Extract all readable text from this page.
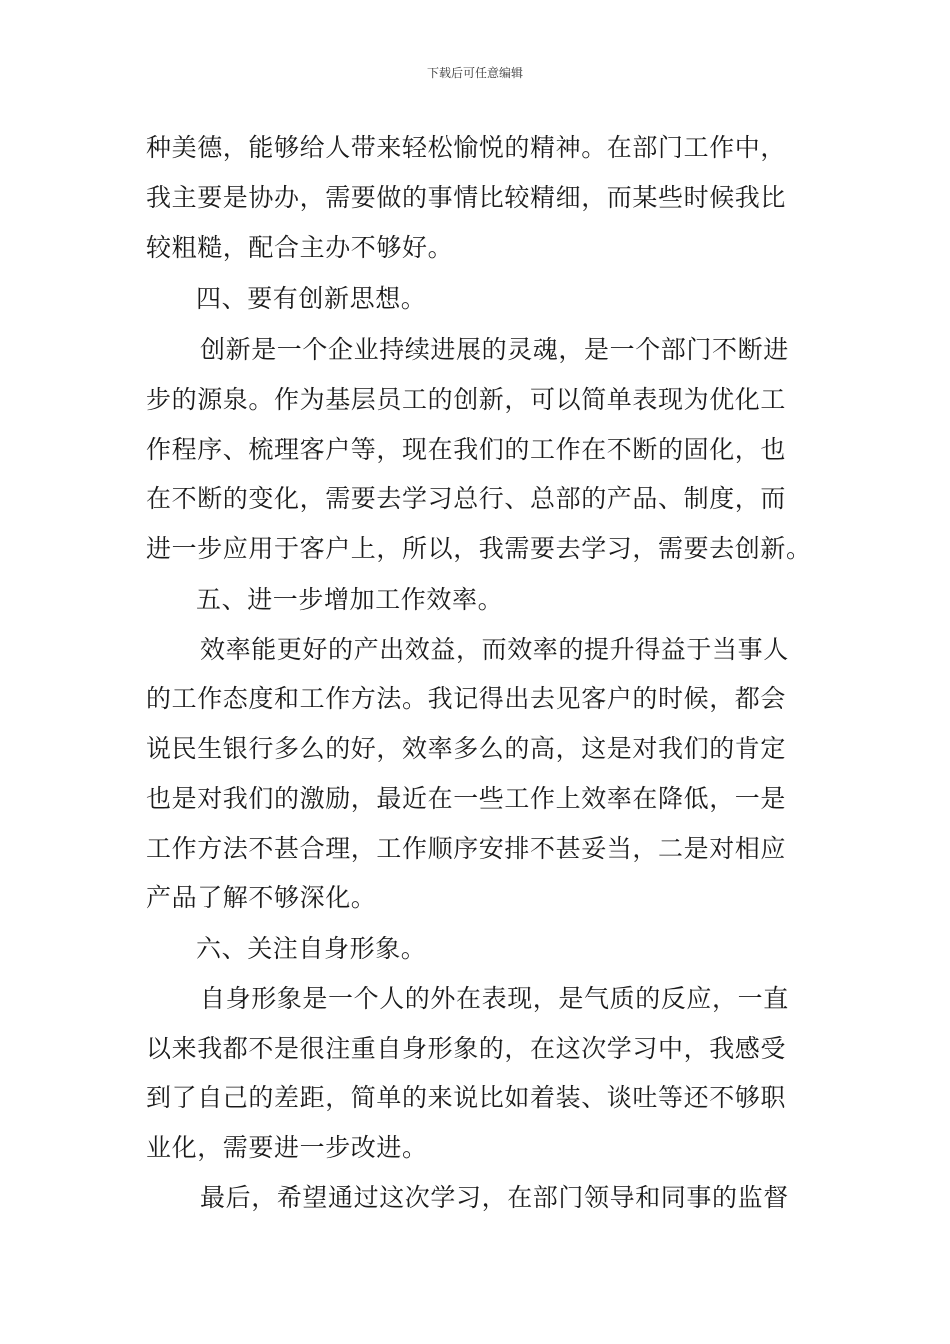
下载后可任意编辑
种美德，能够给人带来轻松愉悦的精神。在部门工作中，
我主要是协办，需要做的事情比较精细，而某些时候我比
较粗糙，配合主办不够好。
四、要有创新思想。
创新是一个企业持续进展的灵魂，是一个部门不断进
步的源泉。作为基层员工的创新，可以简单表现为优化工
作程序、梳理客户等，现在我们的工作在不断的固化，也
在不断的变化，需要去学习总行、总部的产品、制度，而
进一步应用于客户上，所以，我需要去学习，需要去创新。
五、进一步增加工作效率。
效率能更好的产出效益，而效率的提升得益于当事人
的工作态度和工作方法。我记得出去见客户的时候，都会
说民生银行多么的好，效率多么的高，这是对我们的肯定
也是对我们的激励，最近在一些工作上效率在降低，一是
工作方法不甚合理，工作顺序安排不甚妥当，二是对相应
产品了解不够深化。
六、关注自身形象。
自身形象是一个人的外在表现，是气质的反应，一直
以来我都不是很注重自身形象的，在这次学习中，我感受
到了自己的差距，简单的来说比如着装、谈吐等还不够职
业化，需要进一步改进。
最后，希望通过这次学习，在部门领导和同事的监督
